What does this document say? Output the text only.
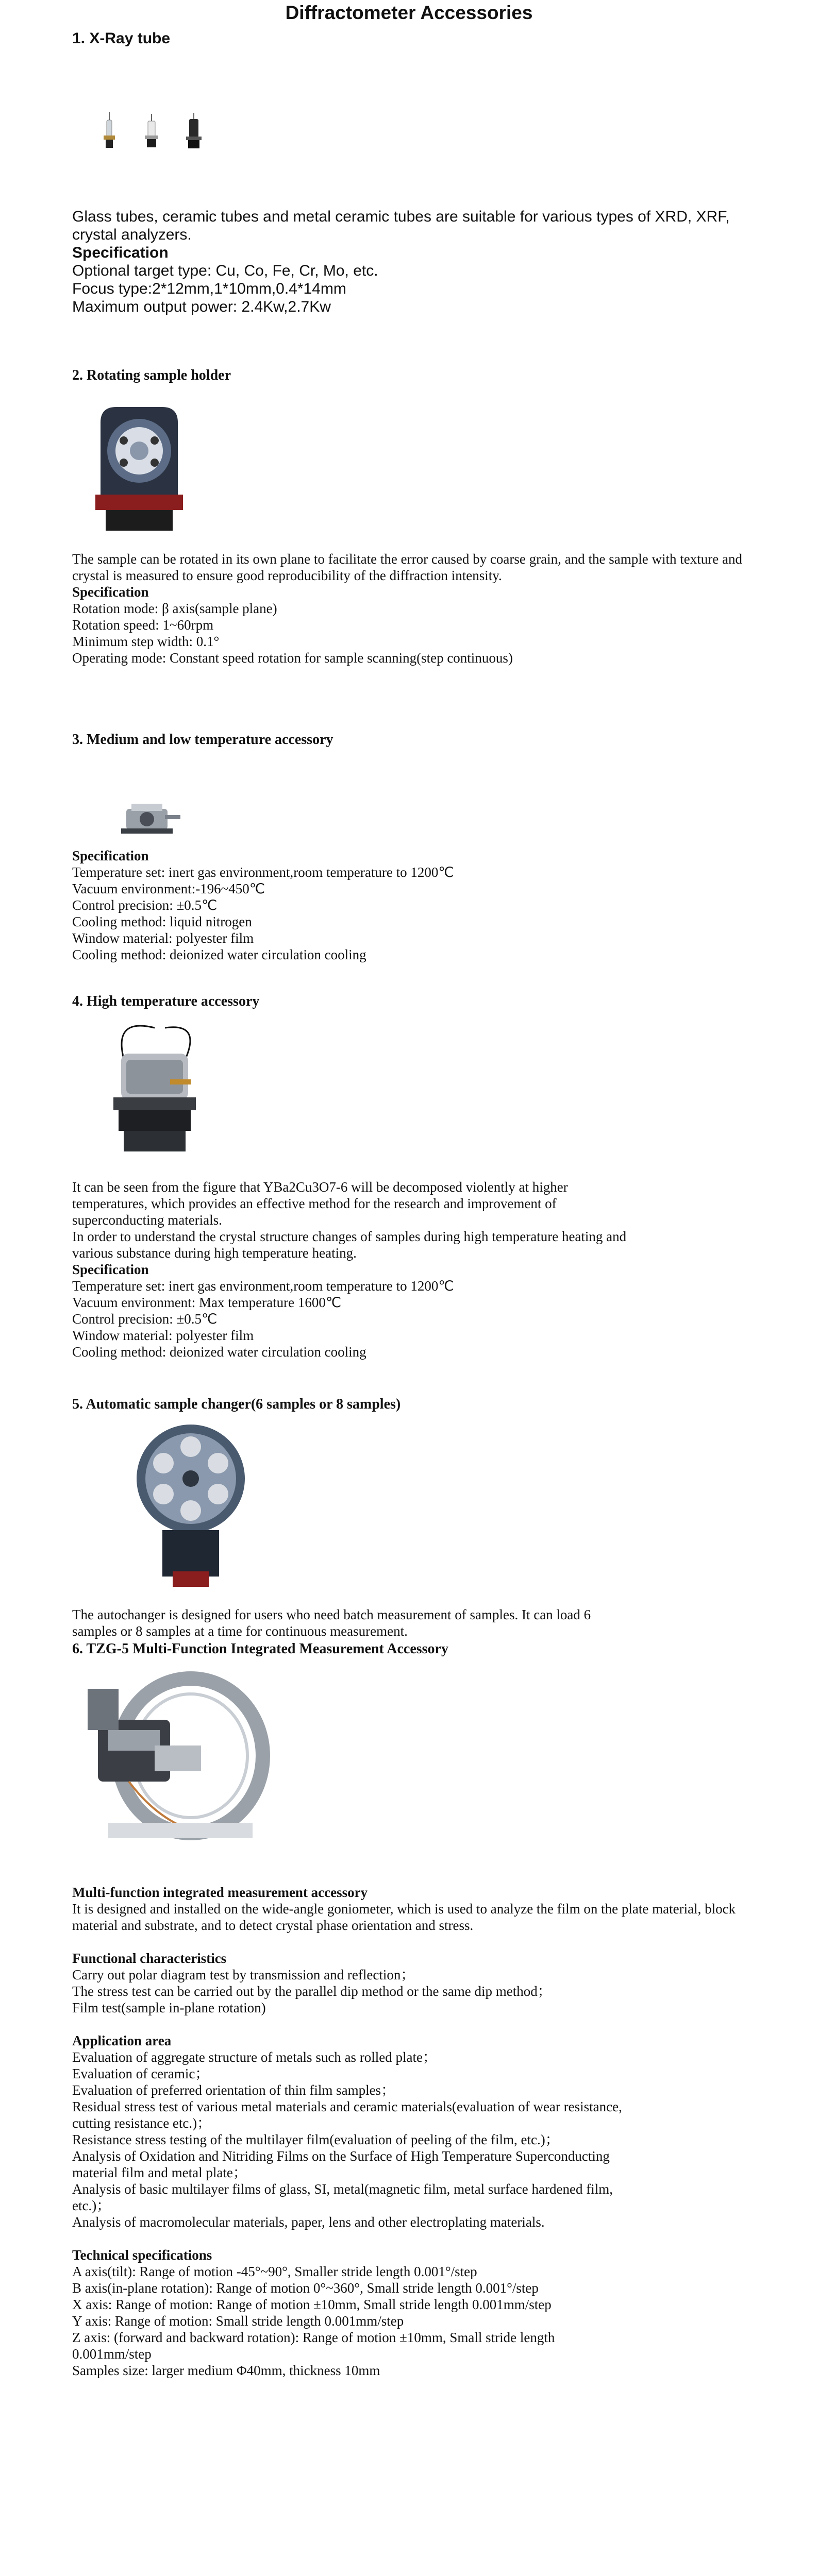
Diffractometer Accessories
1. X-Ray tube
Glass tubes, ceramic tubes and metal ceramic tubes are suitable for various types of XRD, XRF, crystal analyzers.
Specification
Optional target type: Cu, Co, Fe, Cr, Mo, etc.
Focus type:2*12mm,1*10mm,0.4*14mm
Maximum output power: 2.4Kw,2.7Kw
2. Rotating sample holder
The sample can be rotated in its own plane to facilitate the error caused by coarse grain, and the sample with texture and crystal is measured to ensure good reproducibility of the diffraction intensity.
Specification
Rotation mode: β axis(sample plane)
Rotation speed: 1~60rpm
Minimum step width: 0.1°
Operating mode: Constant speed rotation for sample scanning(step continuous)
3. Medium and low temperature accessory
Specification
Temperature set: inert gas environment,room temperature to 1200℃
Vacuum environment:-196~450℃
Control precision: ±0.5℃
Cooling method: liquid nitrogen
Window material: polyester film
Cooling method: deionized water circulation cooling
4. High temperature accessory
It can be seen from the figure that YBa2Cu3O7-6 will be decomposed violently at higher
temperatures, which provides an effective method for the research and improvement of
superconducting materials.
In order to understand the crystal structure changes of samples during high temperature heating and
various substance during high temperature heating.
Specification
Temperature set: inert gas environment,room temperature to 1200℃
Vacuum environment: Max temperature 1600℃
Control precision: ±0.5℃
Window material: polyester film
Cooling method: deionized water circulation cooling
5. Automatic sample changer(6 samples or 8 samples)
The autochanger is designed for users who need batch measurement of samples. It can load 6
samples or 8 samples at a time for continuous measurement.
6. TZG-5 Multi-Function Integrated Measurement Accessory
Multi-function integrated measurement accessory
It is designed and installed on the wide-angle goniometer, which is used to analyze the film on the plate material, block material and substrate, and to detect crystal phase orientation and stress.
Functional characteristics
Carry out polar diagram test by transmission and reflection；
The stress test can be carried out by the parallel dip method or the same dip method；
Film test(sample in-plane rotation)
Application area
Evaluation of aggregate structure of metals such as rolled plate；
Evaluation of ceramic；
Evaluation of preferred orientation of thin film samples；
Residual stress test of various metal materials and ceramic materials(evaluation of wear resistance,
cutting resistance etc.)；
Resistance stress testing of the multilayer film(evaluation of peeling of the film, etc.)；
Analysis of Oxidation and Nitriding Films on the Surface of High Temperature Superconducting
material film and metal plate；
Analysis of basic multilayer films of glass, SI, metal(magnetic film, metal surface hardened film,
etc.)；
Analysis of macromolecular materials, paper, lens and other electroplating materials.
Technical specifications
A axis(tilt): Range of motion -45°~90°, Smaller stride length 0.001°/step
B axis(in-plane rotation): Range of motion 0°~360°, Small stride length 0.001°/step
X axis: Range of motion: Range of motion ±10mm, Small stride length 0.001mm/step
Y axis: Range of motion: Small stride length 0.001mm/step
Z axis: (forward and backward rotation): Range of motion ±10mm, Small stride length
0.001mm/step
Samples size: larger medium Φ40mm, thickness 10mm
